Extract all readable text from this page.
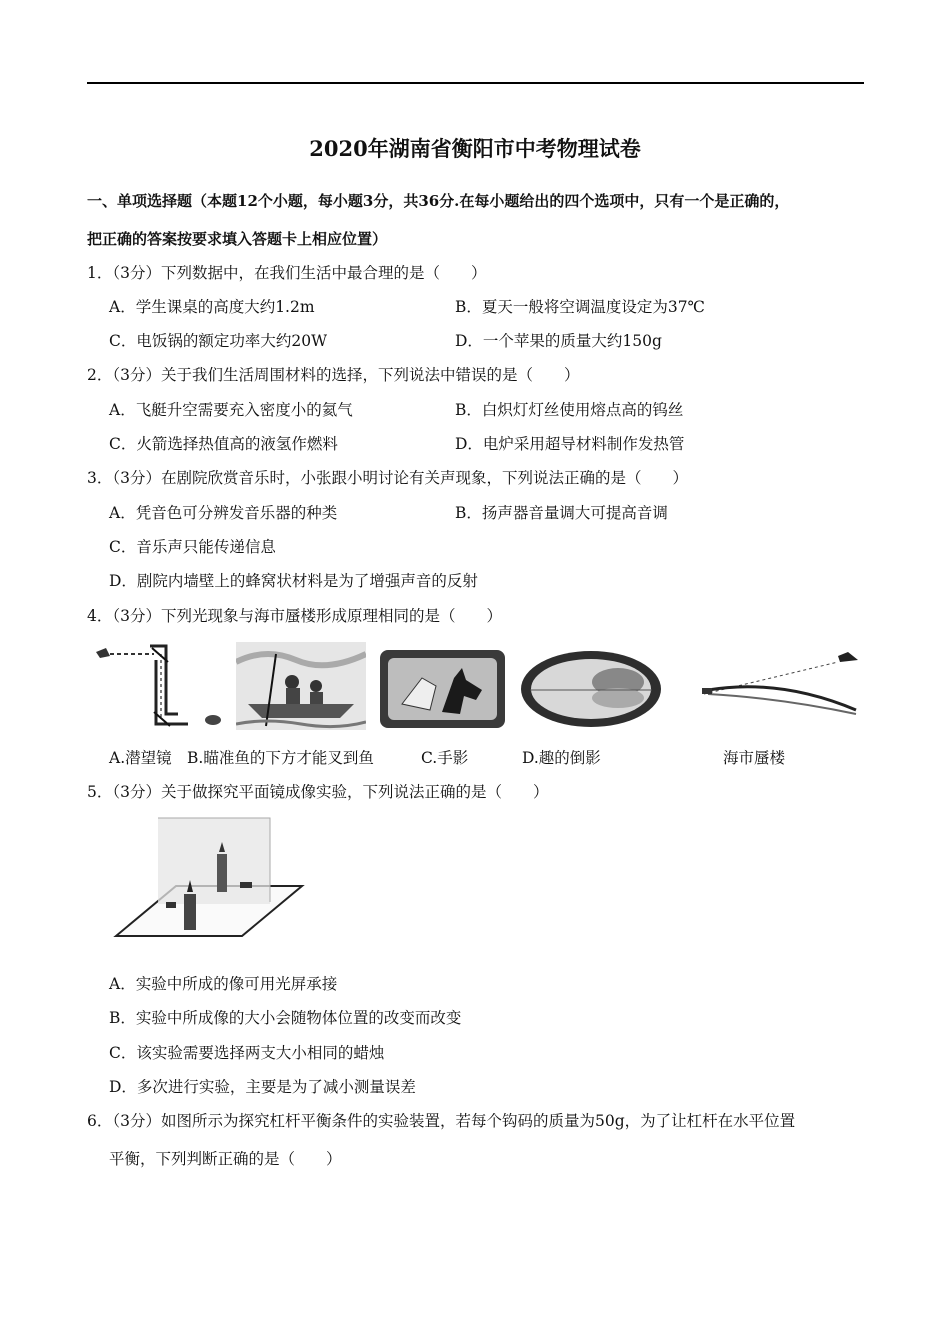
2020年湖南省衡阳市中考物理试卷
一、单项选择题（本题12个小题，每小题3分，共36分.在每小题给出的四个选项中，只有一个是正确的，
把正确的答案按要求填入答题卡上相应位置）
1．（3分）下列数据中，在我们生活中最合理的是（　　）
A．学生课桌的高度大约1.2m	B．夏天一般将空调温度设定为37℃
C．电饭锅的额定功率大约20W	D．一个苹果的质量大约150g
2．（3分）关于我们生活周围材料的选择，下列说法中错误的是（　　）
A．飞艇升空需要充入密度小的氦气	B．白炽灯灯丝使用熔点高的钨丝
C．火箭选择热值高的液氢作燃料	D．电炉采用超导材料制作发热管
3．（3分）在剧院欣赏音乐时，小张跟小明讨论有关声现象，下列说法正确的是（　　）
A．凭音色可分辨发音乐器的种类	B．扬声器音量调大可提高音调
C．音乐声只能传递信息
D．剧院内墙壁上的蜂窝状材料是为了增强声音的反射
4．（3分）下列光现象与海市蜃楼形成原理相同的是（　　）
A.潜望镜 B.瞄准鱼的下方才能叉到鱼	C.手影	D.趣的倒影	海市蜃楼
5．（3分）关于做探究平面镜成像实验，下列说法正确的是（　　）
A．实验中所成的像可用光屏承接
B．实验中所成像的大小会随物体位置的改变而改变
C．该实验需要选择两支大小相同的蜡烛
D．多次进行实验，主要是为了减小测量误差
6．（3分）如图所示为探究杠杆平衡条件的实验装置，若每个钩码的质量为50g，为了让杠杆在水平位置
平衡，下列判断正确的是（　　）
